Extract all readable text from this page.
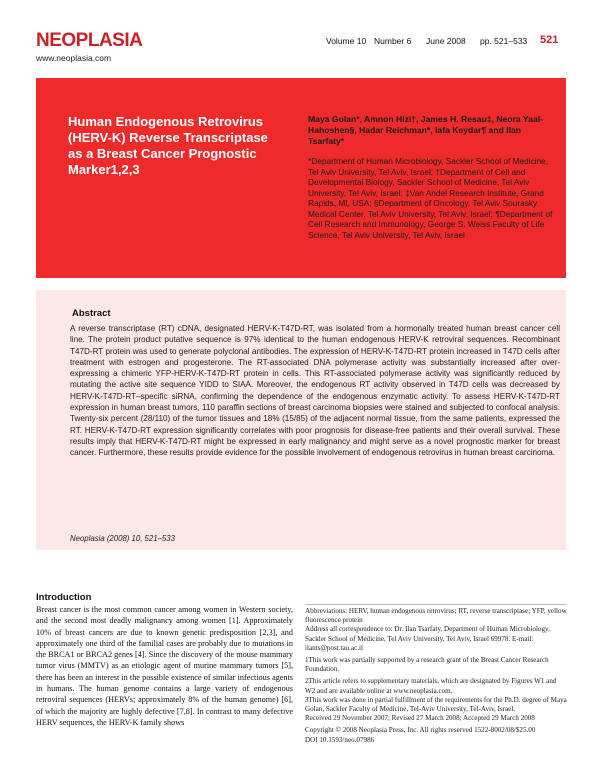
NEOPLASIA
www.neoplasia.com
Volume 10 Number 6 June 2008 pp. 521–533 521
Human Endogenous Retrovirus (HERV-K) Reverse Transcriptase as a Breast Cancer Prognostic Marker1,2,3
Maya Golan*, Amnon Hizi†, James H. Resau‡, Neora Yaal-Hahoshen§, Hadar Reichman*, Iafa Keydar¶ and Ilan Tsarfaty*
*Department of Human Microbiology, Sackler School of Medicine, Tel Aviv University, Tel Aviv, Israel; †Department of Cell and Developmental Biology, Sackler School of Medicine, Tel Aviv University, Tel Aviv, Israel; ‡Van Andel Research Institute, Grand Rapids, MI, USA; §Department of Oncology, Tel Aviv Sourasky Medical Center, Tel Aviv University, Tel Aviv, Israel; ¶Department of Cell Research and Immunology, George S. Weiss Faculty of Life Science, Tel Aviv University, Tel Aviv, Israel
Abstract
A reverse transcriptase (RT) cDNA, designated HERV-K-T47D-RT, was isolated from a hormonally treated human breast cancer cell line. The protein product putative sequence is 97% identical to the human endogenous HERV-K retroviral sequences. Recombinant T47D-RT protein was used to generate polyclonal antibodies. The expression of HERV-K-T47D-RT protein increased in T47D cells after treatment with estrogen and progesterone. The RT-associated DNA polymerase activity was substantially increased after over-expressing a chimeric YFP-HERV-K-T47D-RT protein in cells. This RT-associated polymerase activity was significantly reduced by mutating the active site sequence YIDD to SIAA. Moreover, the endogenous RT activity observed in T47D cells was decreased by HERV-K-T47D-RT–specific siRNA, confirming the dependence of the endogenous enzymatic activity. To assess HERV-K-T47D-RT expression in human breast tumors, 110 paraffin sections of breast carcinoma biopsies were stained and subjected to confocal analysis. Twenty-six percent (28/110) of the tumor tissues and 18% (15/85) of the adjacent normal tissue, from the same patients, expressed the RT. HERV-K-T47D-RT expression significantly correlates with poor prognosis for disease-free patients and their overall survival. These results imply that HERV-K-T47D-RT might be expressed in early malignancy and might serve as a novel prognostic marker for breast cancer. Furthermore, these results provide evidence for the possible involvement of endogenous retrovirus in human breast carcinoma.
Neoplasia (2008) 10, 521–533
Introduction
Breast cancer is the most common cancer among women in Western society, and the second most deadly malignancy among women [1]. Approximately 10% of breast cancers are due to known genetic predisposition [2,3], and approximately one third of the familial cases are probably due to mutations in the BRCA1 or BRCA2 genes [4]. Since the discovery of the mouse mammary tumor virus (MMTV) as an etiologic agent of murine mammary tumors [5], there has been an interest in the possible existence of similar infectious agents in humans. The human genome contains a large variety of endogenous retroviral sequences (HERVs; approximately 8% of the human genome) [6], of which the majority are highly defective [7,8]. In contrast to many defective HERV sequences, the HERV-K family shows

Abbreviations: HERV, human endogenous retrovirus; RT, reverse transcriptase; YFP, yellow fluorescence protein

Address all correspondence to: Dr. Ilan Tsarfaty, Department of Human Microbiology, Sackler School of Medicine, Tel Aviv University, Tel Aviv, Israel 69978. E-mail: ilants@post.tau.ac.il

1This work was partially supported by a research grant of the Breast Cancer Research Foundation.

2This article refers to supplementary materials, which are designated by Figures W1 and W2 and are available online at www.neoplasia.com.

3This work was done in partial fulfillment of the requirements for the Ph.D. degree of Maya Golan, Sackler Faculty of Medicine, Tel-Aviv University, Tel-Aviv, Israel.

Received 29 November 2007; Revised 27 March 2008; Accepted 29 March 2008

Copyright © 2008 Neoplasia Press, Inc. All rights reserved 1522-8002/08/$25.00

DOI 10.1593/neo.07986
